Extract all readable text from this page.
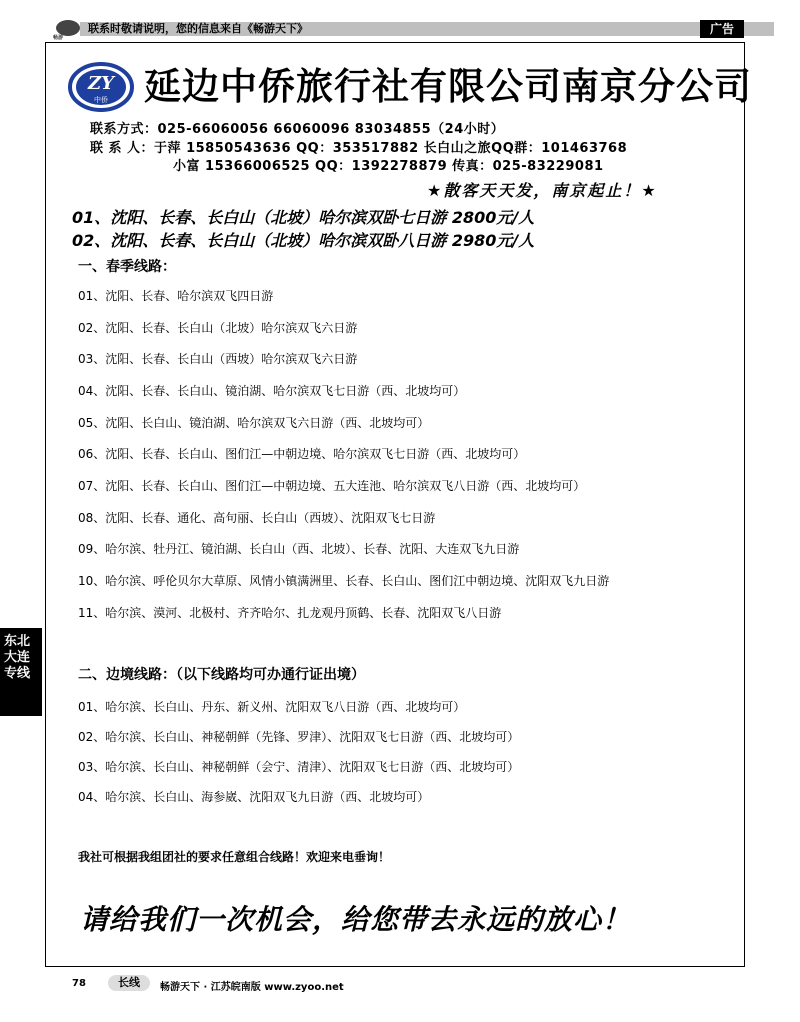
畅游
联系时敬请说明，您的信息来自《畅游天下》	广告
ZY
中侨 延边中侨旅行社有限公司南京分公司
联系方式：025-66060056 66060096 83034855（24小时）
联 系 人：于萍 15850543636 QQ：353517882 长白山之旅QQ群：101463768
小富 15366006525 QQ：1392278879 传真：025-83229081
★散客天天发，南京起止！★
01、沈阳、长春、长白山（北坡）哈尔滨双卧七日游 2800元/人
02、沈阳、长春、长白山（北坡）哈尔滨双卧八日游 2980元/人
一、春季线路：
01、沈阳、长春、哈尔滨双飞四日游
02、沈阳、长春、长白山（北坡）哈尔滨双飞六日游
03、沈阳、长春、长白山（西坡）哈尔滨双飞六日游
04、沈阳、长春、长白山、镜泊湖、哈尔滨双飞七日游（西、北坡均可）
05、沈阳、长白山、镜泊湖、哈尔滨双飞六日游（西、北坡均可）
06、沈阳、长春、长白山、图们江—中朝边境、哈尔滨双飞七日游（西、北坡均可）
07、沈阳、长春、长白山、图们江—中朝边境、五大连池、哈尔滨双飞八日游（西、北坡均可）
08、沈阳、长春、通化、高句丽、长白山（西坡）、沈阳双飞七日游
09、哈尔滨、牡丹江、镜泊湖、长白山（西、北坡）、长春、沈阳、大连双飞九日游
10、哈尔滨、呼伦贝尔大草原、风情小镇满洲里、长春、长白山、图们江中朝边境、沈阳双飞九日游
11、哈尔滨、漠河、北极村、齐齐哈尔、扎龙观丹顶鹤、长春、沈阳双飞八日游
二、边境线路：（以下线路均可办通行证出境）
01、哈尔滨、长白山、丹东、新义州、沈阳双飞八日游（西、北坡均可）
02、哈尔滨、长白山、神秘朝鲜（先锋、罗津）、沈阳双飞七日游（西、北坡均可）
03、哈尔滨、长白山、神秘朝鲜（会宁、清津）、沈阳双飞七日游（西、北坡均可）
04、哈尔滨、长白山、海参崴、沈阳双飞九日游（西、北坡均可）
我社可根据我组团社的要求任意组合线路！欢迎来电垂询！
请给我们一次机会，给您带去永远的放心！
东北
大连
专线
78	长线	畅游天下 · 江苏皖南版 www.zyoo.net
